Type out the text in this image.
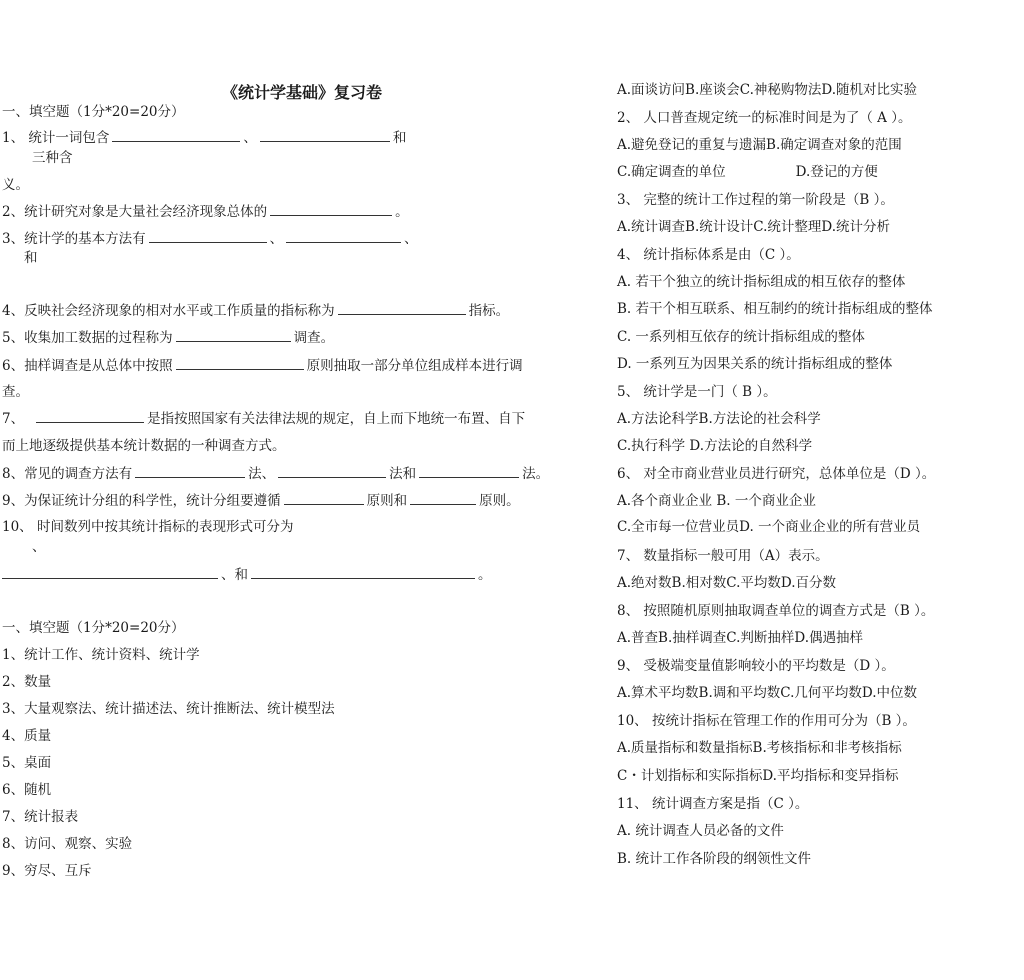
《统计学基础》复习卷
一、填空题（1分*20=20分）
1、 统计一词包含	、	和
三种含
义。
2、统计研究对象是大量社会经济现象总体的	。
3、统计学的基本方法有	、	、
和
4、反映社会经济现象的相对水平或工作质量的指标称为	指标。
5、收集加工数据的过程称为	调查。
6、抽样调查是从总体中按照	原则抽取一部分单位组成样本进行调
查。
7、	是指按照国家有关法律法规的规定，自上而下地统一布置、自下
而上地逐级提供基本统计数据的一种调查方式。
8、常见的调查方法有	法、	法和	法。
9、为保证统计分组的科学性，统计分组要遵循	原则和	原则。
10、 时间数列中按其统计指标的表现形式可分为
、
、和	。
一、填空题（1分*20=20分）
1、统计工作、统计资料、统计学
2、数量
3、大量观察法、统计描述法、统计推断法、统计模型法
4、质量
5、桌面
6、随机
7、统计报表
8、访问、观察、实验
9、穷尽、互斥
A.面谈访问B.座谈会C.神秘购物法D.随机对比实验
2、 人口普查规定统一的标准时间是为了（ A ）。
A.避免登记的重复与遗漏B.确定调查对象的范围
C.确定调查的单位	D.登记的方便
3、 完整的统计工作过程的第一阶段是（B ）。
A.统计调查B.统计设计C.统计整理D.统计分析
4、 统计指标体系是由（C ）。
A. 若干个独立的统计指标组成的相互依存的整体
B. 若干个相互联系、相互制约的统计指标组成的整体
C. 一系列相互依存的统计指标组成的整体
D. 一系列互为因果关系的统计指标组成的整体
5、 统计学是一门（ B ）。
A.方法论科学B.方法论的社会科学
C.执行科学 D.方法论的自然科学
6、 对全市商业营业员进行研究，总体单位是（D ）。
A.各个商业企业 B. 一个商业企业
C.全市每一位营业员D. 一个商业企业的所有营业员
7、 数量指标一般可用（A）表示。
A.绝对数B.相对数C.平均数D.百分数
8、 按照随机原则抽取调查单位的调查方式是（B ）。
A.普查B.抽样调查C.判断抽样D.偶遇抽样
9、 受极端变量值影响较小的平均数是（D ）。
A.算术平均数B.调和平均数C.几何平均数D.中位数
10、 按统计指标在管理工作的作用可分为（B ）。
A.质量指标和数量指标B.考核指标和非考核指标
C・计划指标和实际指标D.平均指标和变异指标
11、 统计调查方案是指（C ）。
A. 统计调查人员必备的文件
B. 统计工作各阶段的纲领性文件
